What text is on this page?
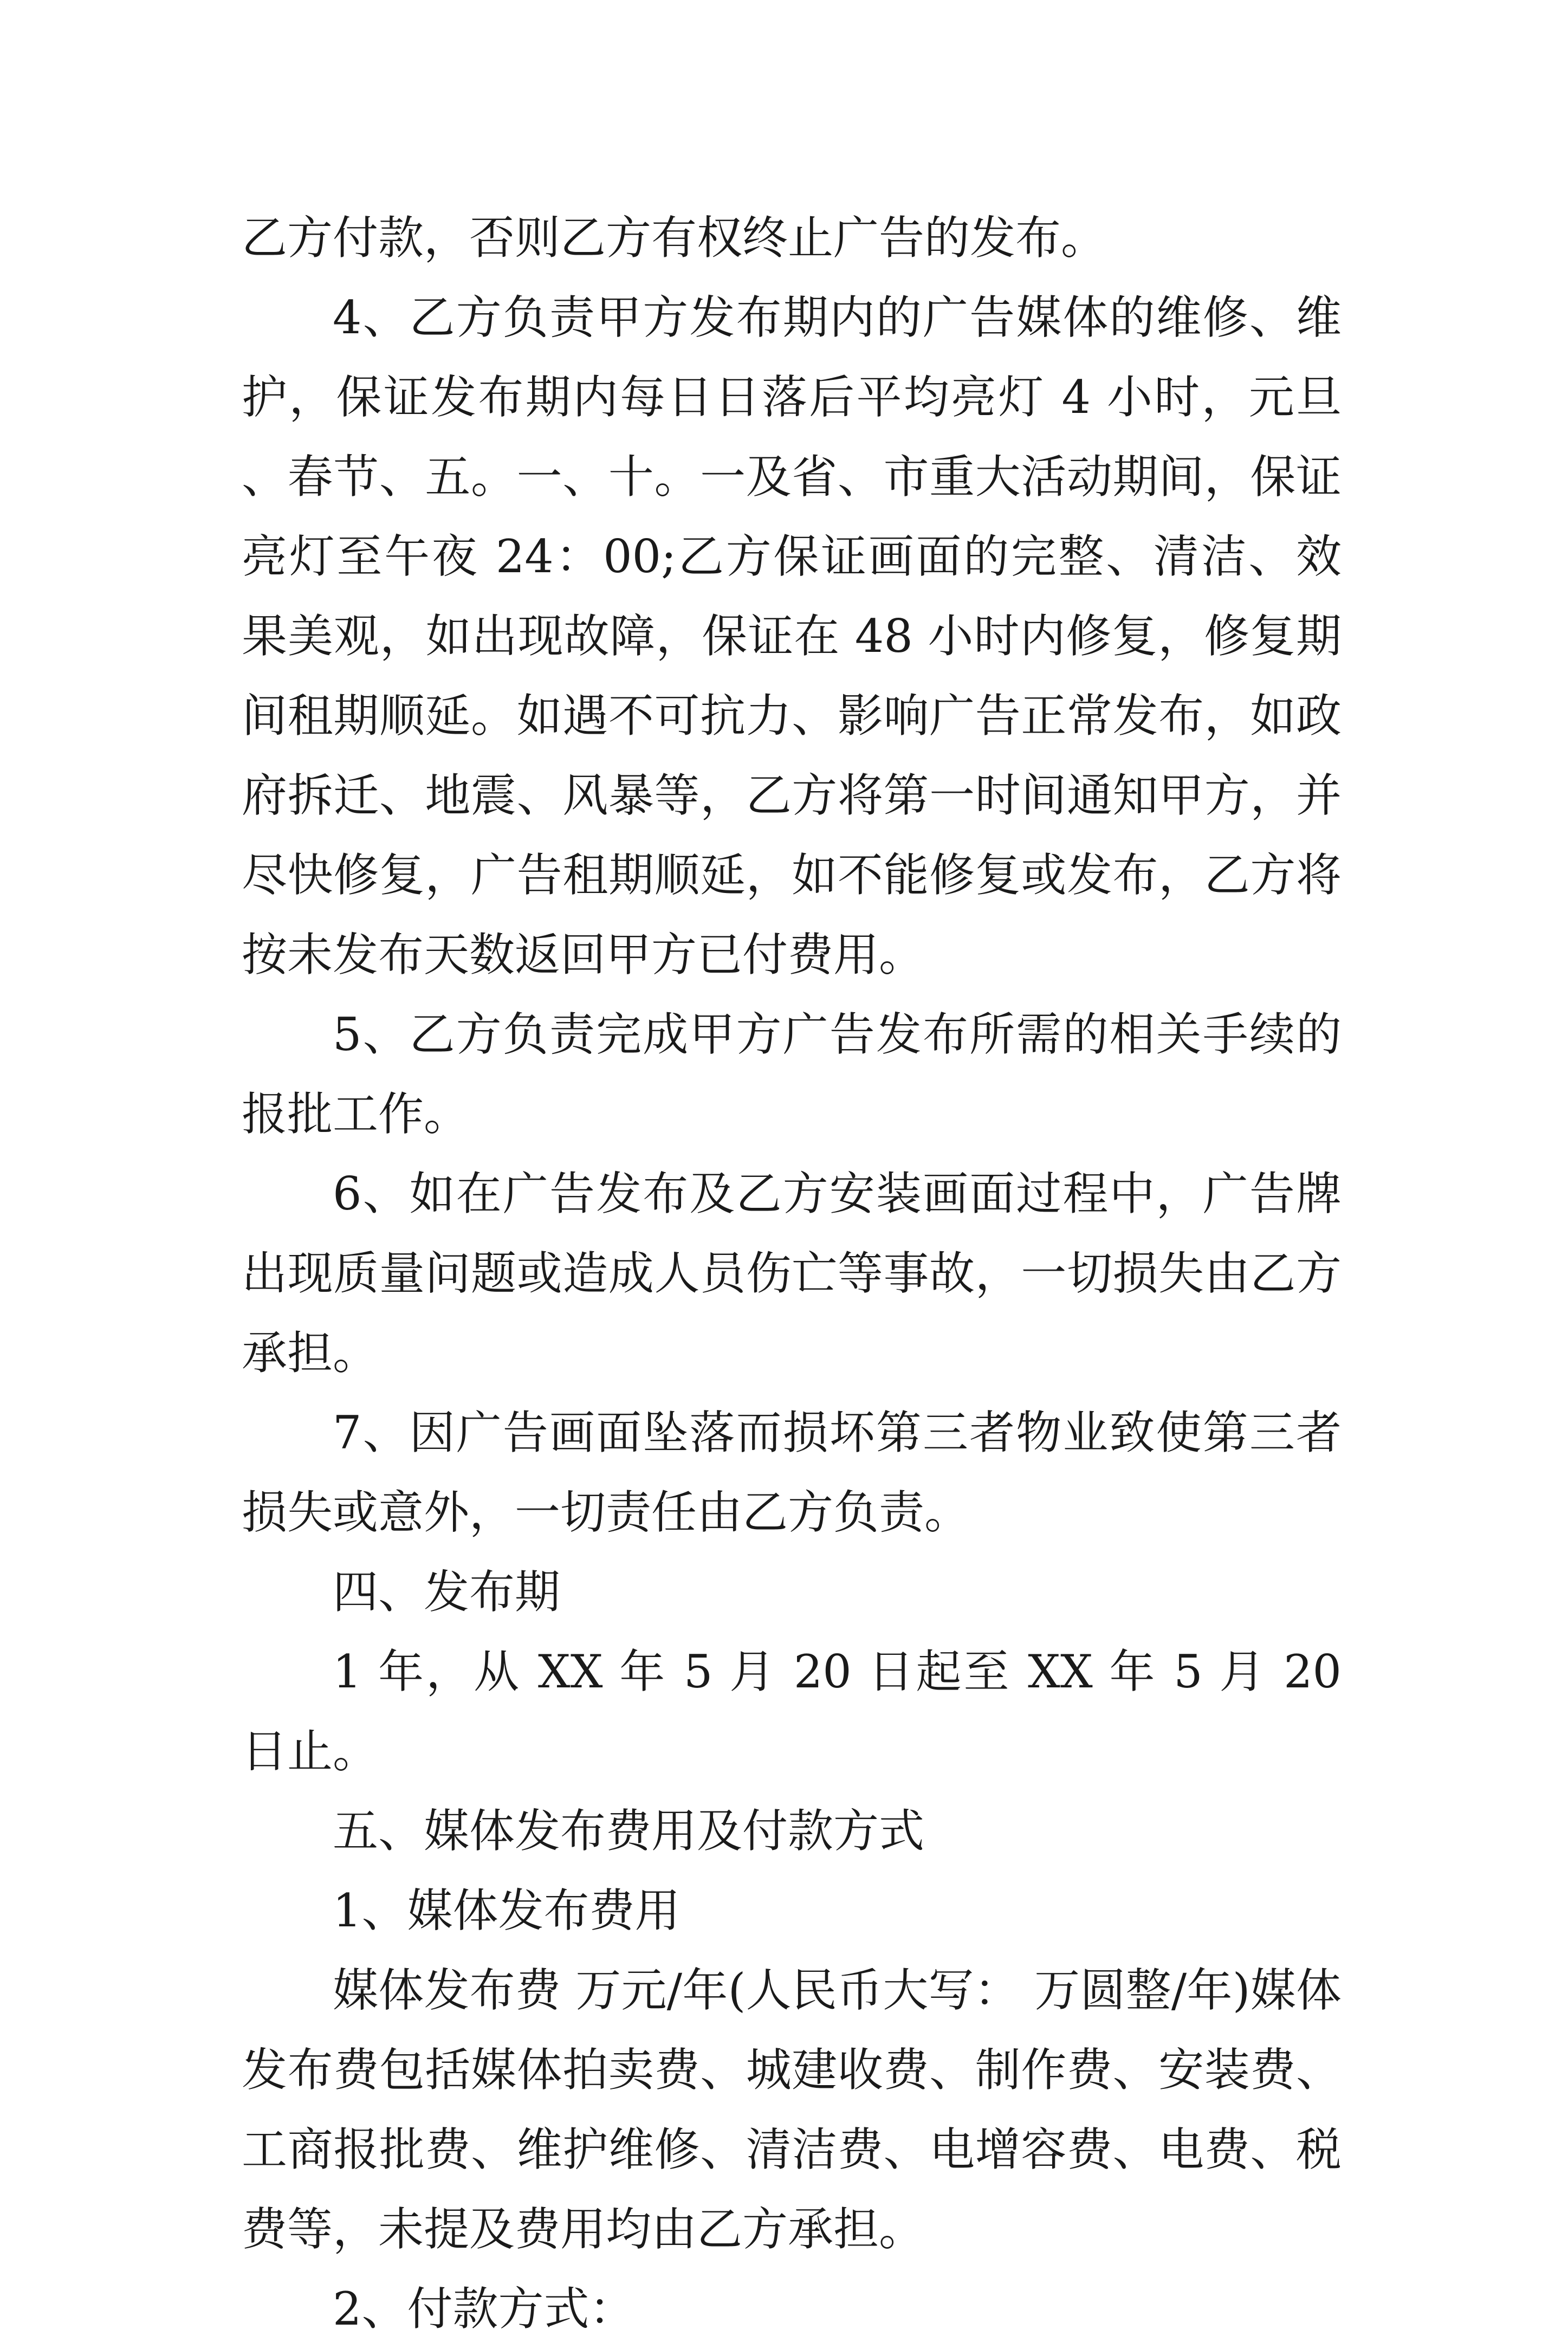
乙方付款，否则乙方有权终止广告的发布。

4、乙方负责甲方发布期内的广告媒体的维修、维护，保证发布期内每日日落后平均亮灯 4 小时，元旦、春节、五。一、十。一及省、市重大活动期间，保证亮灯至午夜 24：00;乙方保证画面的完整、清洁、效果美观，如出现故障，保证在 48 小时内修复，修复期间租期顺延。如遇不可抗力、影响广告正常发布，如政府拆迁、地震、风暴等，乙方将第一时间通知甲方，并尽快修复，广告租期顺延，如不能修复或发布，乙方将按未发布天数返回甲方已付费用。

5、乙方负责完成甲方广告发布所需的相关手续的报批工作。

6、如在广告发布及乙方安装画面过程中，广告牌出现质量问题或造成人员伤亡等事故，一切损失由乙方承担。

7、因广告画面坠落而损坏第三者物业致使第三者损失或意外，一切责任由乙方负责。

四、发布期

1 年，从 XX 年 5 月 20 日起至 XX 年 5 月 20 日止。

五、媒体发布费用及付款方式

1、媒体发布费用

媒体发布费 万元/年(人民币大写： 万圆整/年)媒体发布费包括媒体拍卖费、城建收费、制作费、安装费、工商报批费、维护维修、清洁费、电增容费、电费、税费等，未提及费用均由乙方承担。

2、付款方式：
